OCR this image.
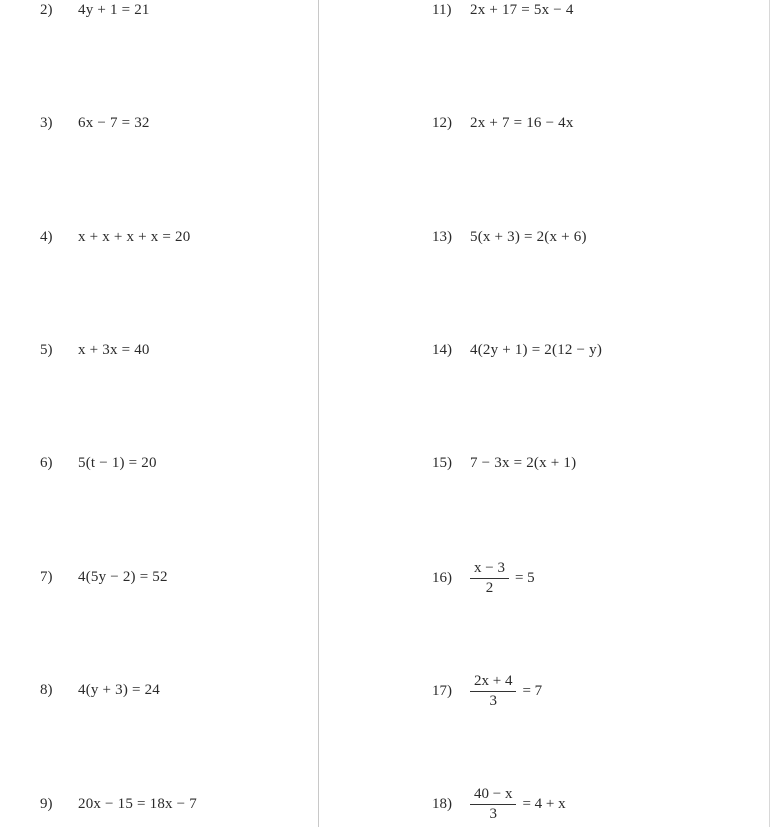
2)	4y + 1 = 21
3)	6x − 7 = 32
4)	x + x + x + x = 20
5)	x + 3x = 40
6)	5(t − 1) = 20
7)	4(5y − 2) = 52
8)	4(y + 3) = 24
9)	20x − 15 = 18x − 7
11)	2x + 17 = 5x − 4
12)	2x + 7 = 16 − 4x
13)	5(x + 3) = 2(x + 6)
14)	4(2y + 1) = 2(12 − y)
15)	7 − 3x = 2(x + 1)
16)	$\frac{x - 3}{2} = 5$
17)	$\frac{2x + 4}{3} = 7$
18)	$\frac{40 - x}{3} = 4 + x$
